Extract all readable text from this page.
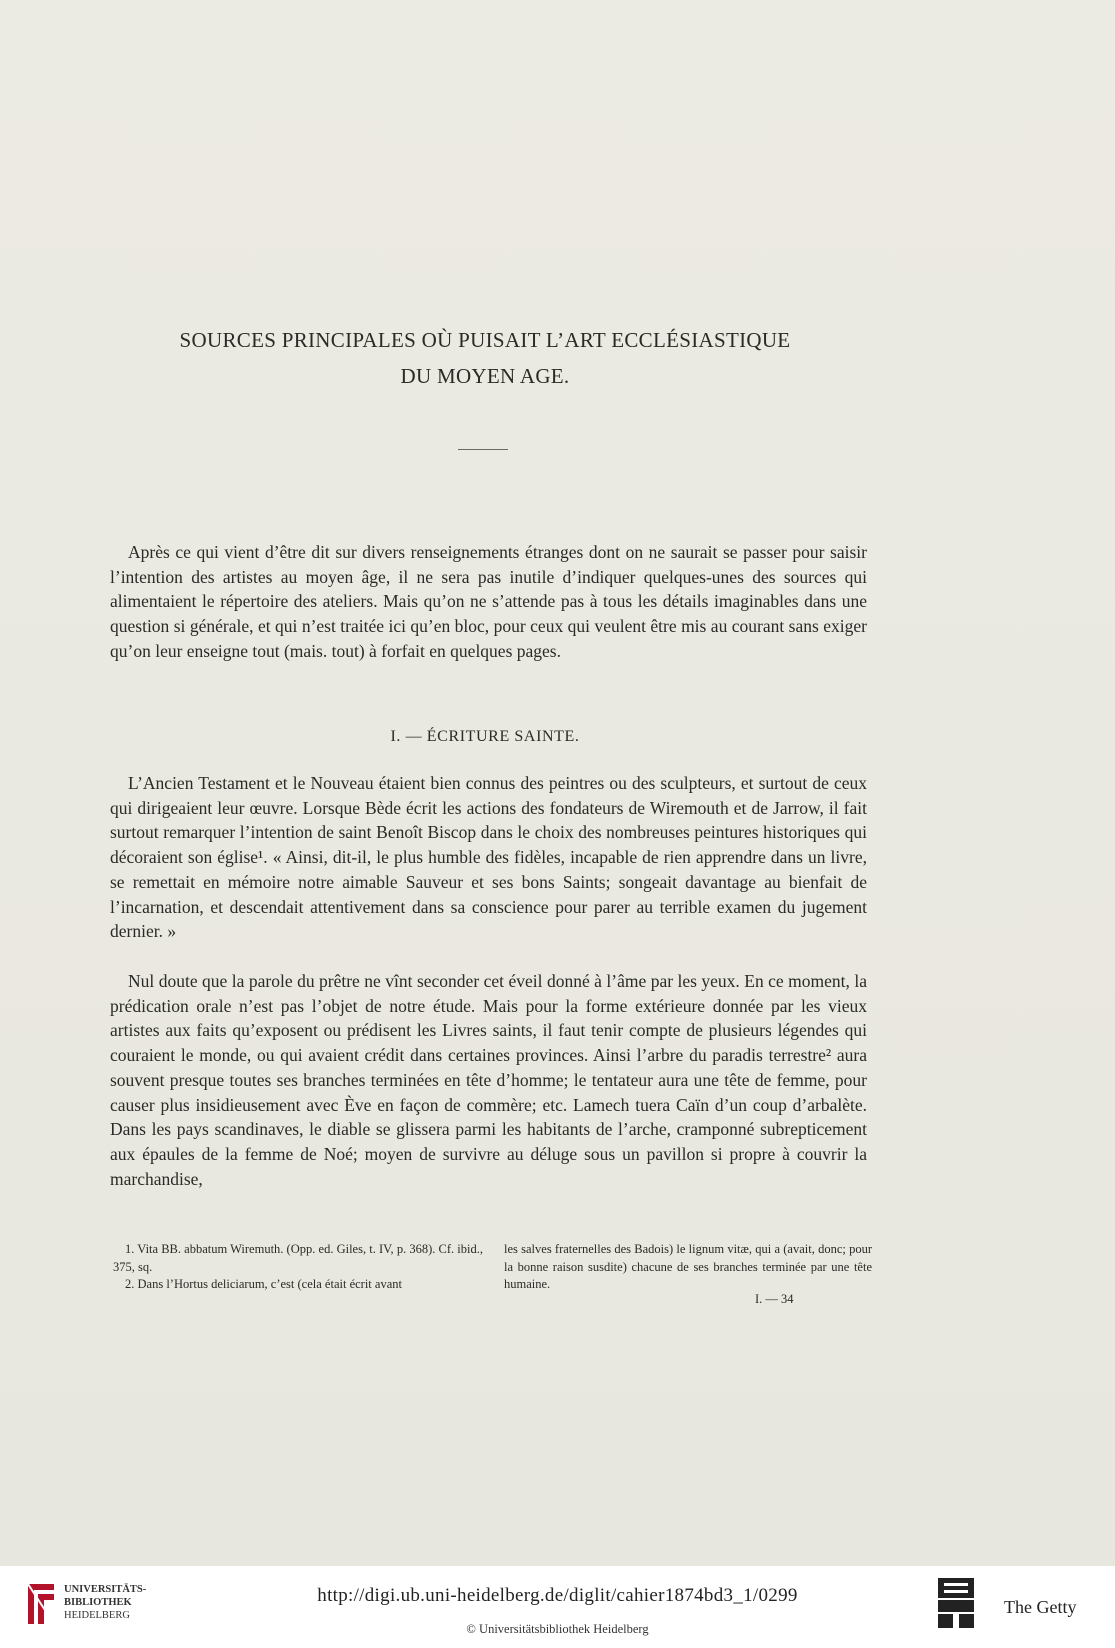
SOURCES PRINCIPALES OÙ PUISAIT L’ART ECCLÉSIASTIQUE
DU MOYEN AGE.
Après ce qui vient d’être dit sur divers renseignements étranges dont on ne saurait se passer pour saisir l’intention des artistes au moyen âge, il ne sera pas inutile d’indiquer quelques-unes des sources qui alimentaient le répertoire des ateliers. Mais qu’on ne s’attende pas à tous les détails imaginables dans une question si générale, et qui n’est traitée ici qu’en bloc, pour ceux qui veulent être mis au courant sans exiger qu’on leur enseigne tout (mais. tout) à forfait en quelques pages.
I. — ÉCRITURE SAINTE.
L’Ancien Testament et le Nouveau étaient bien connus des peintres ou des sculpteurs, et surtout de ceux qui dirigeaient leur œuvre. Lorsque Bède écrit les actions des fondateurs de Wiremouth et de Jarrow, il fait surtout remarquer l’intention de saint Benoît Biscop dans le choix des nombreuses peintures historiques qui décoraient son église¹. « Ainsi, dit-il, le plus humble des fidèles, incapable de rien apprendre dans un livre, se remettait en mémoire notre aimable Sauveur et ses bons Saints; songeait davantage au bienfait de l’incarnation, et descendait attentivement dans sa conscience pour parer au terrible examen du jugement dernier. »
Nul doute que la parole du prêtre ne vînt seconder cet éveil donné à l’âme par les yeux. En ce moment, la prédication orale n’est pas l’objet de notre étude. Mais pour la forme extérieure donnée par les vieux artistes aux faits qu’exposent ou prédisent les Livres saints, il faut tenir compte de plusieurs légendes qui couraient le monde, ou qui avaient crédit dans certaines provinces. Ainsi l’arbre du paradis terrestre² aura souvent presque toutes ses branches terminées en tête d’homme; le tentateur aura une tête de femme, pour causer plus insidieusement avec Ève en façon de commère; etc. Lamech tuera Caïn d’un coup d’arbalète. Dans les pays scandinaves, le diable se glissera parmi les habitants de l’arche, cramponné subrepticement aux épaules de la femme de Noé; moyen de survivre au déluge sous un pavillon si propre à couvrir la marchandise,

1. Vita BB. abbatum Wiremuth. (Opp. ed. Giles, t. IV, p. 368). Cf. ibid., 375, sq.

2. Dans l’Hortus deliciarum, c’est (cela était écrit avant

les salves fraternelles des Badois) le lignum vitæ, qui a (avait, donc; pour la bonne raison susdite) chacune de ses branches terminée par une tête humaine.

I. — 34
UNIVERSITÄTS-
BIBLIOTHEK
HEIDELBERG
http://digi.ub.uni-heidelberg.de/diglit/cahier1874bd3_1/0299
© Universitätsbibliothek Heidelberg
The Getty
